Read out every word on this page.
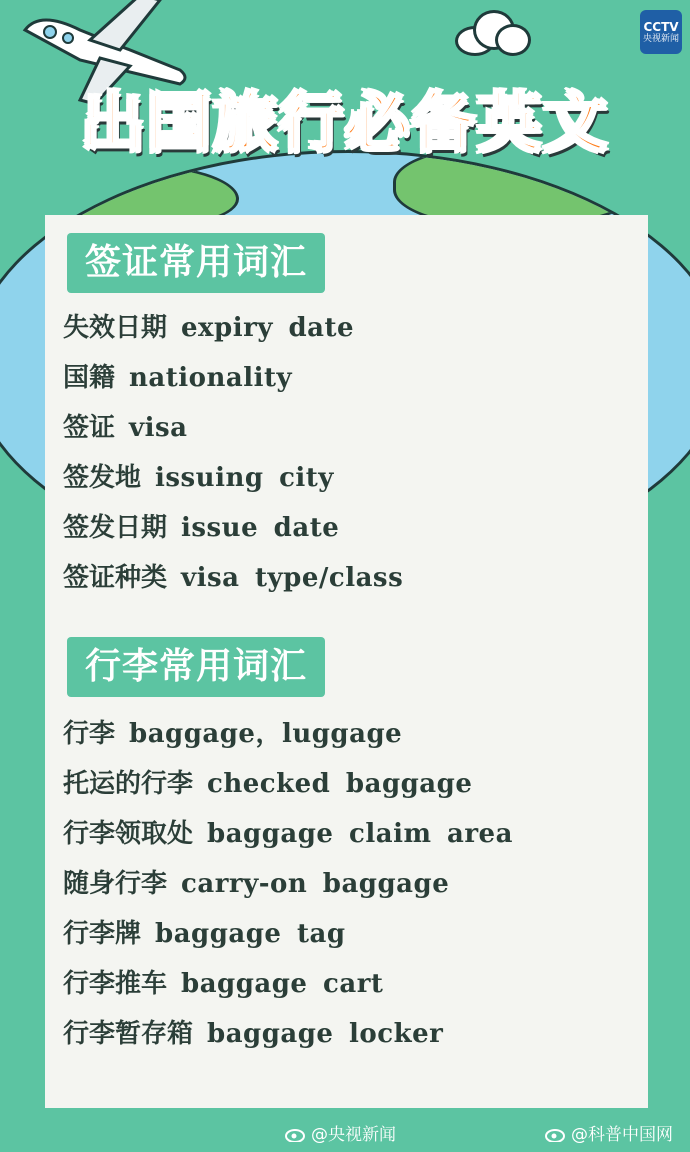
CCTV
央视新闻
出国旅行必备英文
签证常用词汇
失效日期 expiry date
国籍 nationality
签证 visa
签发地 issuing city
签发日期 issue date
签证种类 visa type/class
行李常用词汇
行李 baggage，luggage
托运的行李 checked baggage
行李领取处 baggage claim area
随身行李 carry-on baggage
行李牌 baggage tag
行李推车 baggage cart
行李暂存箱 baggage locker
@央视新闻	@科普中国网
